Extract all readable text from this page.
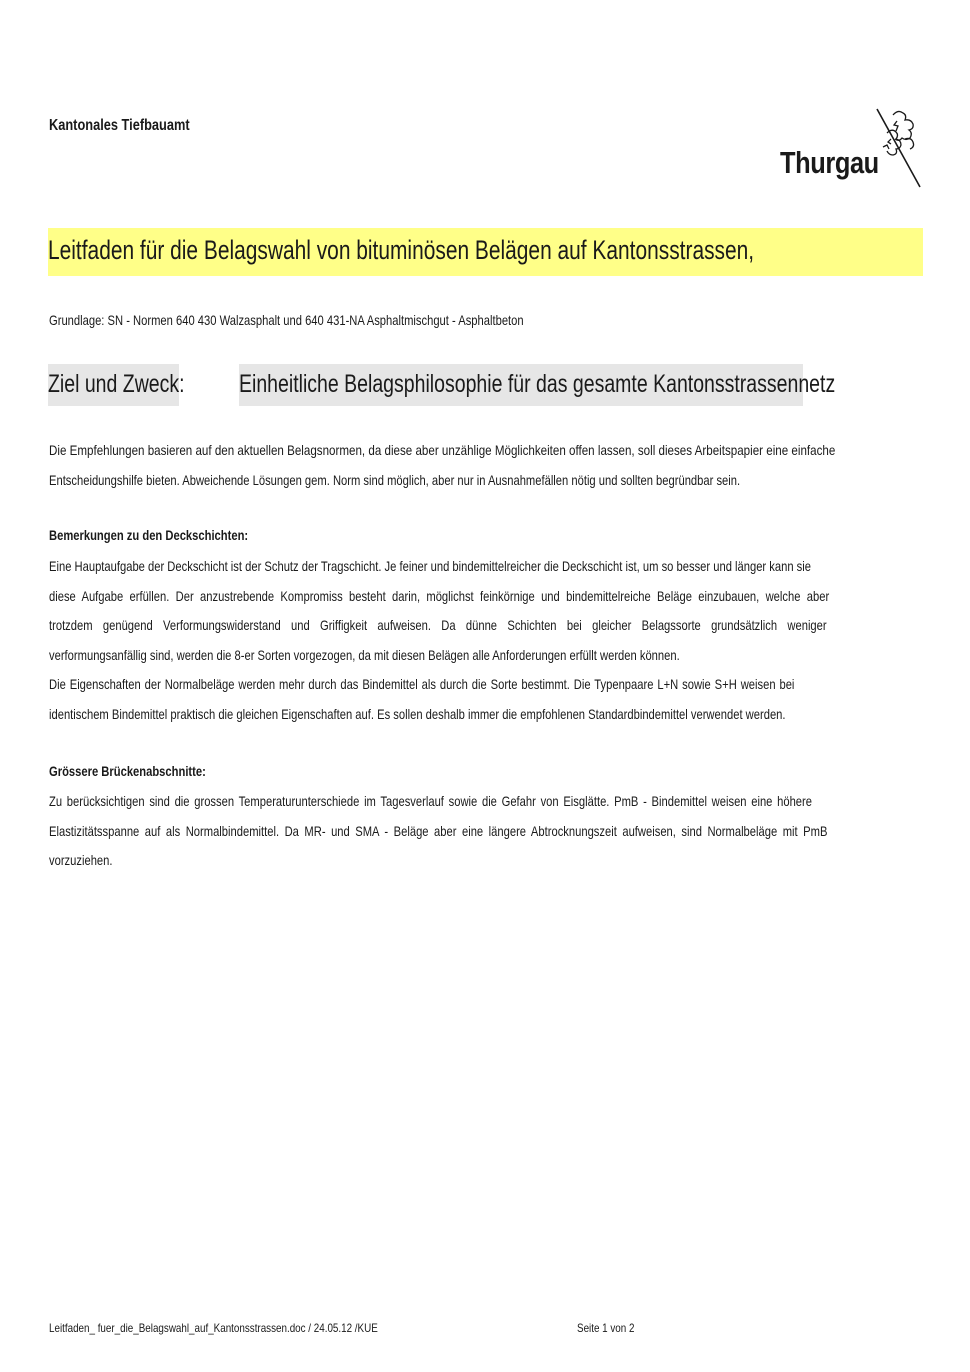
Kantonales Tiefbauamt
Thurgau
Leitfaden für die Belagswahl von bituminösen Belägen auf Kantonsstrassen,
Grundlage: SN - Normen 640 430 Walzasphalt und 640 431-NA Asphaltmischgut - Asphaltbeton
Ziel und Zweck: Einheitliche Belagsphilosophie für das gesamte Kantonsstrassennetz
Die Empfehlungen basieren auf den aktuellen Belagsnormen, da diese aber unzählige Möglichkeiten offen lassen, soll dieses Arbeitspapier eine einfache
Entscheidungshilfe bieten. Abweichende Lösungen gem. Norm sind möglich, aber nur in Ausnahmefällen nötig und sollten begründbar sein.
Bemerkungen zu den Deckschichten:
Eine Hauptaufgabe der Deckschicht ist der Schutz der Tragschicht. Je feiner und bindemittelreicher die Deckschicht ist, um so besser und länger kann sie
diese Aufgabe erfüllen. Der anzustrebende Kompromiss besteht darin, möglichst feinkörnige und bindemittelreiche Beläge einzubauen, welche aber
trotzdem genügend Verformungswiderstand und Griffigkeit aufweisen. Da dünne Schichten bei gleicher Belagssorte grundsätzlich weniger
verformungsanfällig sind, werden die 8-er Sorten vorgezogen, da mit diesen Belägen alle Anforderungen erfüllt werden können.
Die Eigenschaften der Normalbeläge werden mehr durch das Bindemittel als durch die Sorte bestimmt. Die Typenpaare L+N sowie S+H weisen bei
identischem Bindemittel praktisch die gleichen Eigenschaften auf. Es sollen deshalb immer die empfohlenen Standardbindemittel verwendet werden.
Grössere Brückenabschnitte:
Zu berücksichtigen sind die grossen Temperaturunterschiede im Tagesverlauf sowie die Gefahr von Eisglätte. PmB - Bindemittel weisen eine höhere
Elastizitätsspanne auf als Normalbindemittel. Da MR- und SMA - Beläge aber eine längere Abtrocknungszeit aufweisen, sind Normalbeläge mit PmB
vorzuziehen.
Leitfaden_ fuer_die_Belagswahl_auf_Kantonsstrassen.doc / 24.05.12 /KUE	Seite 1 von 2
